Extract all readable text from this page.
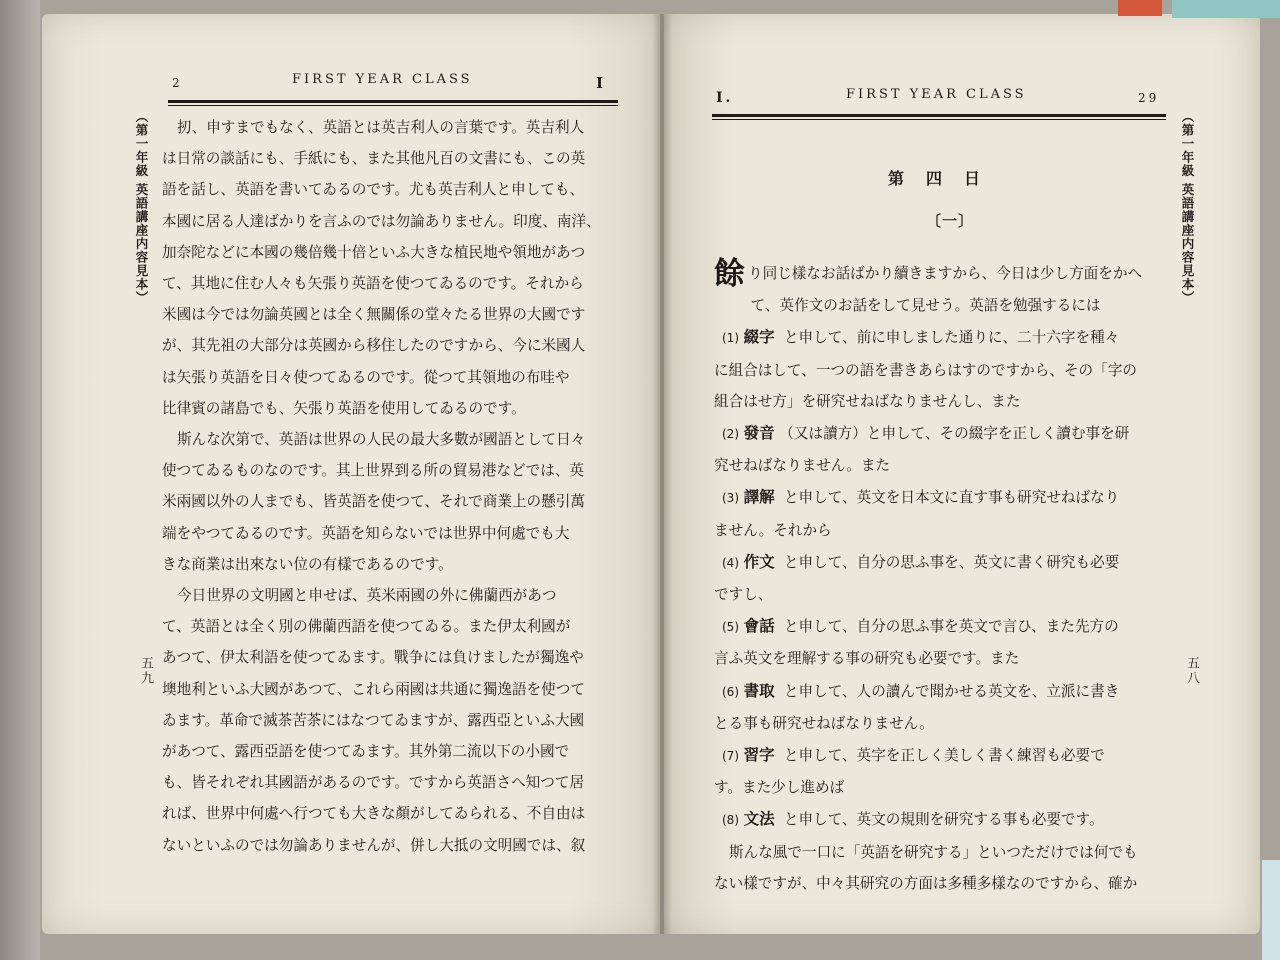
2	FIRST YEAR CLASS	I
（第一年級 英語講座内容見本）
五九

扨、申すまでもなく、英語とは英吉利人の言葉です。英吉利人

は日常の談話にも、手紙にも、また其他凡百の文書にも、この英

語を話し、英語を書いてゐるのです。尤も英吉利人と申しても、

本國に居る人達ばかりを言ふのでは勿論ありません。印度、南洋、

加奈陀などに本國の幾倍幾十倍といふ大きな植民地や領地があつ

て、其地に住む人々も矢張り英語を使つてゐるのです。それから

米國は今では勿論英國とは全く無關係の堂々たる世界の大國です

が、其先祖の大部分は英國から移住したのですから、今に米國人

は矢張り英語を日々使つてゐるのです。從つて其領地の布哇や

比律賓の諸島でも、矢張り英語を使用してゐるのです。

斯んな次第で、英語は世界の人民の最大多數が國語として日々

使つてゐるものなのです。其上世界到る所の貿易港などでは、英

米兩國以外の人までも、皆英語を使つて、それで商業上の懸引萬

端をやつてゐるのです。英語を知らないでは世界中何處でも大

きな商業は出來ない位の有樣であるのです。

今日世界の文明國と申せば、英米兩國の外に佛蘭西があつ

て、英語とは全く別の佛蘭西語を使つてゐる。また伊太利國が

あつて、伊太利語を使つてゐます。戰争には負けましたが獨逸や

墺地利といふ大國があつて、これら兩國は共通に獨逸語を使つて

ゐます。革命で滅茶苦茶にはなつてゐますが、露西亞といふ大國

があつて、露西亞語を使つてゐます。其外第二流以下の小國で

も、皆それぞれ其國語があるのです。ですから英語さへ知つて居

れば、世界中何處へ行つても大きな顏がしてゐられる、不自由は

ないといふのでは勿論ありませんが、併し大抵の文明國では、叙

I.	FIRST YEAR CLASS	29
（第一年級 英語講座内容見本）
五八
第四日
〔一〕

餘り同じ樣なお話ばかり續きますから、今日は少し方面をかへ

　て、英作文のお話をして見せう。英語を勉强するには

(1) 綴字 と申して、前に申しました通りに、二十六字を種々

に組合はして、一つの語を書きあらはすのですから、その「字の

組合はせ方」を研究せねばなりませんし、また

(2) 發音 （又は讀方）と申して、その綴字を正しく讀む事を研

究せねばなりません。また

(3) 譯解 と申して、英文を日本文に直す事も研究せねばなり

ません。それから

(4) 作文 と申して、自分の思ふ事を、英文に書く研究も必要

ですし、

(5) 會話 と申して、自分の思ふ事を英文で言ひ、また先方の

言ふ英文を理解する事の研究も必要です。また

(6) 書取 と申して、人の讀んで聞かせる英文を、立派に書き

とる事も研究せねばなりません。

(7) 習字 と申して、英字を正しく美しく書く練習も必要で

す。また少し進めば

(8) 文法 と申して、英文の規則を研究する事も必要です。

斯んな風で一口に「英語を研究する」といつただけでは何でも

ない樣ですが、中々其研究の方面は多種多樣なのですから、確か
